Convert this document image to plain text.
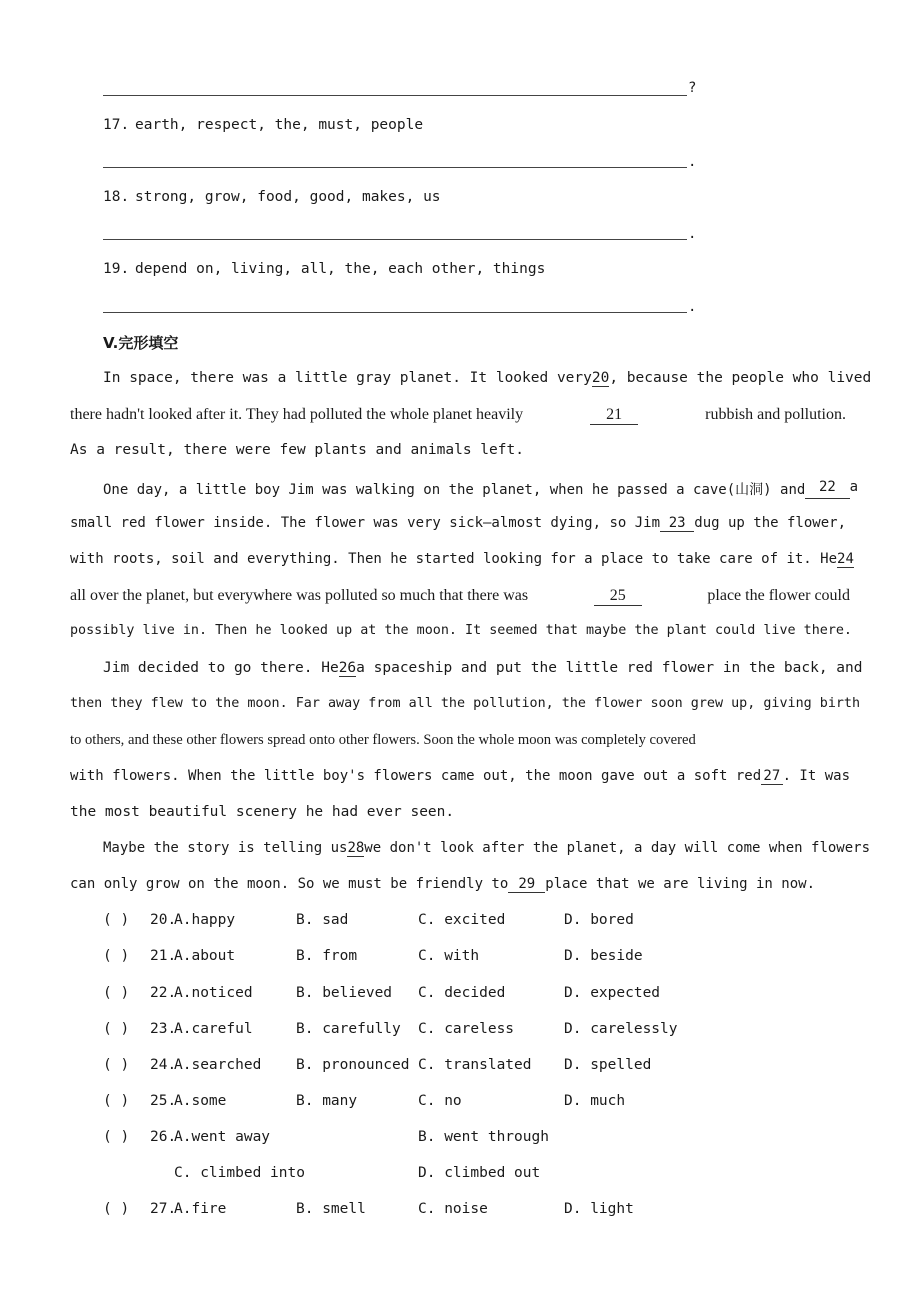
?
17. earth, respect, the, must, people
.
18. strong, grow, food, good, makes, us
.
19. depend on, living, all, the, each other, things
.
V.完形填空
In space, there was a little gray planet. It looked very 20 , because the people who lived
there hadn't looked after it. They had polluted the whole planet heavily	21	rubbish and pollution.
As a result, there were few plants and animals left.
One day, a little boy Jim was walking on the planet, when he passed a cave(山洞) and 22 a
small red flower inside. The flower was very sick—almost dying, so Jim 23 dug up the flower,
with roots, soil and everything. Then he started looking for a place to take care of it. He 24
all over the planet, but everywhere was polluted so much that there was	25	place the flower could
possibly live in. Then he looked up at the moon. It seemed that maybe the plant could live there.
Jim decided to go there. He 26 a spaceship and put the little red flower in the back, and
then they flew to the moon. Far away from all the pollution, the flower soon grew up, giving birth
to others, and these other flowers spread onto other flowers. Soon the whole moon was completely covered
with flowers. When the little boy's flowers came out, the moon gave out a soft red 27 . It was
the most beautiful scenery he had ever seen.
Maybe the story is telling us 28 we don't look after the planet, a day will come when flowers
can only grow on the moon. So we must be friendly to 29 place that we are living in now.
( ) 20.
A.happy	B. sad	C. excited	D. bored
( ) 21.
A.about	B. from	C. with	D. beside
( ) 22.
A.noticed	B. believed C. decided	D. expected
( ) 23.
A.careful	B. carefully C. careless	D. carelessly
( ) 24.
A.searched B. pronounced C. translated D. spelled
( ) 25.
A.some	B. many	C. no	D. much
( ) 26.
A.went away	B. went through
C. climbed into	D. climbed out
( ) 27.
A.fire	B. smell	C. noise	D. light
